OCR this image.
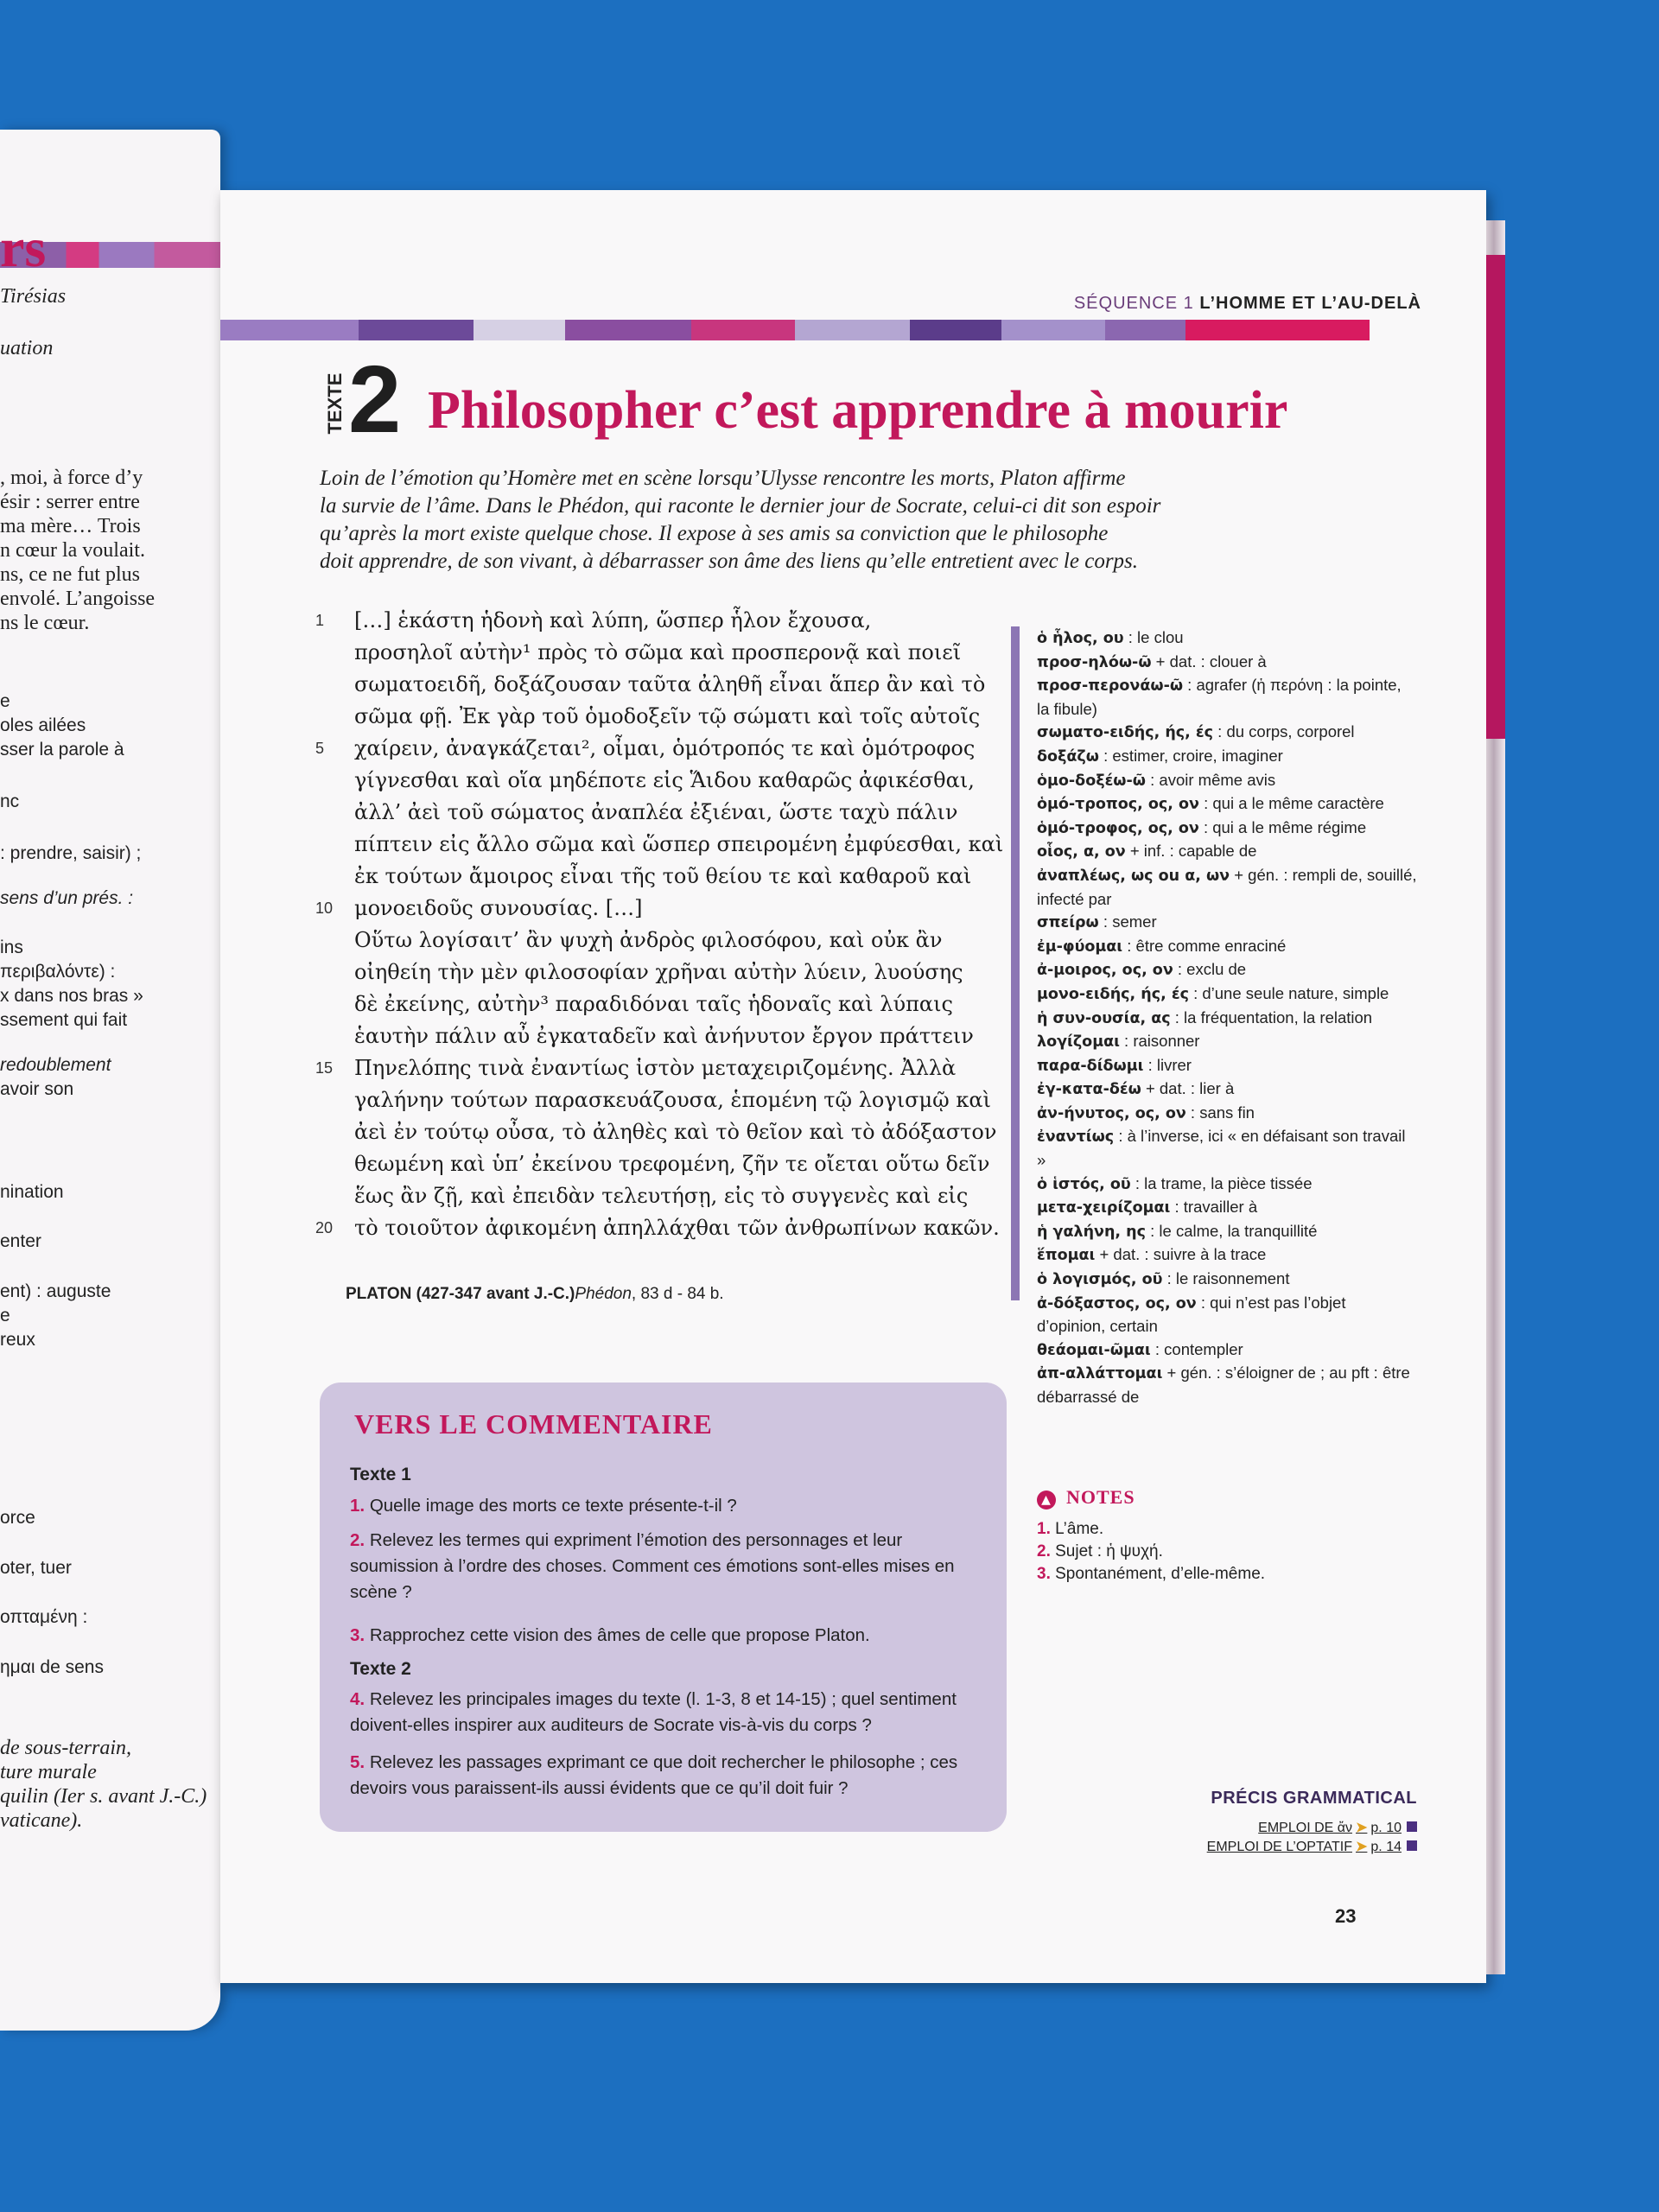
rs
Tirésias
uation
, moi, à force d’y
ésir : serrer entre
ma mère… Trois
n cœur la voulait.
ns, ce ne fut plus
envolé. L’angoisse
ns le cœur.
e
oles ailées
sser la parole à
nc
: prendre, saisir) ;
sens d’un prés. :
ins
περιβαλόντε) :
x dans nos bras »
ssement qui fait
redoublement
avoir son
nination
enter
ent) : auguste
e
reux
orce
oter, tuer
οπταμένη :
ημαι de sens
de sous-terrain,
ture murale
quilin (Ier s. avant J.-C.)
vaticane).
SÉQUENCE 1 L’HOMME ET L’AU-DELÀ
TEXTE 2 Philosopher c’est apprendre à mourir
Loin de l’émotion qu’Homère met en scène lorsqu’Ulysse rencontre les morts, Platon affirme
la survie de l’âme. Dans le Phédon, qui raconte le dernier jour de Socrate, celui-ci dit son espoir
qu’après la mort existe quelque chose. Il expose à ses amis sa conviction que le philosophe
doit apprendre, de son vivant, à débarrasser son âme des liens qu’elle entretient avec le corps.
1	[…] ἑκάστη ἡδονὴ καὶ λύπη, ὥσπερ ἧλον ἔχουσα,
προσηλοῖ αὐτὴν¹ πρὸς τὸ σῶμα καὶ προσπερονᾷ καὶ ποιεῖ
σωματοειδῆ, δοξάζουσαν ταῦτα ἀληθῆ εἶναι ἅπερ ἂν καὶ τὸ
σῶμα φῇ. Ἐκ γὰρ τοῦ ὁμοδοξεῖν τῷ σώματι καὶ τοῖς αὐτοῖς
5	χαίρειν, ἀναγκάζεται², οἶμαι, ὁμότροπός τε καὶ ὁμότροφος
γίγνεσθαι καὶ οἵα μηδέποτε εἰς Ἅιδου καθαρῶς ἀφικέσθαι,
ἀλλ’ ἀεὶ τοῦ σώματος ἀναπλέα ἐξιέναι, ὥστε ταχὺ πάλιν
πίπτειν εἰς ἄλλο σῶμα καὶ ὥσπερ σπειρομένη ἐμφύεσθαι, καὶ
ἐκ τούτων ἄμοιρος εἶναι τῆς τοῦ θείου τε καὶ καθαροῦ καὶ
10 μονοειδοῦς συνουσίας. […]
Οὕτω λογίσαιτ’ ἂν ψυχὴ ἀνδρὸς φιλοσόφου, καὶ οὐκ ἂν
οἰηθείη τὴν μὲν φιλοσοφίαν χρῆναι αὐτὴν λύειν, λυούσης
δὲ ἐκείνης, αὐτὴν³ παραδιδόναι ταῖς ἡδοναῖς καὶ λύπαις
ἑαυτὴν πάλιν αὖ ἐγκαταδεῖν καὶ ἀνήνυτον ἔργον πράττειν
15 Πηνελόπης τινὰ ἐναντίως ἱστὸν μεταχειριζομένης. Ἀλλὰ
γαλήνην τούτων παρασκευάζουσα, ἑπομένη τῷ λογισμῷ καὶ
ἀεὶ ἐν τούτῳ οὖσα, τὸ ἀληθὲς καὶ τὸ θεῖον καὶ τὸ ἀδόξαστον
θεωμένη καὶ ὑπ’ ἐκείνου τρεφομένη, ζῆν τε οἴεται οὕτω δεῖν
ἕως ἂν ζῇ, καὶ ἐπειδὰν τελευτήσῃ, εἰς τὸ συγγενὲς καὶ εἰς
20 τὸ τοιοῦτον ἀφικομένη ἀπηλλάχθαι τῶν ἀνθρωπίνων κακῶν.
PLATON (427-347 avant J.-C.)Phédon, 83 d - 84 b.
ὁ ἧλος, ου : le clou
προσ-ηλόω-ῶ + dat. : clouer à
προσ-περονάω-ῶ : agrafer (ἡ περόνη : la pointe, la fibule)
σωματο-ειδής, ής, ές : du corps, corporel
δοξάζω : estimer, croire, imaginer
ὁμο-δοξέω-ῶ : avoir même avis
ὁμό-τροπος, ος, ον : qui a le même caractère
ὁμό-τροφος, ος, ον : qui a le même régime
οἷος, α, ον + inf. : capable de
ἀναπλέως, ως ou α, ων + gén. : rempli de, souillé, infecté par
σπείρω : semer
ἐμ-φύομαι : être comme enraciné
ἀ-μοιρος, ος, ον : exclu de
μονο-ειδής, ής, ές : d’une seule nature, simple
ἡ συν-ουσία, ας : la fréquentation, la relation
λογίζομαι : raisonner
παρα-δίδωμι : livrer
ἐγ-κατα-δέω + dat. : lier à
ἀν-ήνυτος, ος, ον : sans fin
ἐναντίως : à l’inverse, ici « en défaisant son travail »
ὁ ἱστός, οῦ : la trame, la pièce tissée
μετα-χειρίζομαι : travailler à
ἡ γαλήνη, ης : le calme, la tranquillité
ἕπομαι + dat. : suivre à la trace
ὁ λογισμός, οῦ : le raisonnement
ἀ-δόξαστος, ος, ον : qui n’est pas l’objet d’opinion, certain
θεάομαι-ῶμαι : contempler
ἀπ-αλλάττομαι + gén. : s’éloigner de ; au pft : être débarrassé de
▲ NOTES
1. L’âme.
2. Sujet : ἡ ψυχή.
3. Spontanément, d’elle-même.
VERS LE COMMENTAIRE
Texte 1
1. Quelle image des morts ce texte présente-t-il ?
2. Relevez les termes qui expriment l’émotion des personnages et leur soumission à l’ordre des choses. Comment ces émotions sont-elles mises en scène ?
3. Rapprochez cette vision des âmes de celle que propose Platon.
Texte 2
4. Relevez les principales images du texte (l. 1-3, 8 et 14-15) ; quel sentiment doivent-elles inspirer aux auditeurs de Socrate vis-à-vis du corps ?
5. Relevez les passages exprimant ce que doit rechercher le philosophe ; ces devoirs vous paraissent-ils aussi évidents que ce qu’il doit fuir ?	PRÉCIS GRAMMATICAL
EMPLOI DE ἄν ➤ p. 10
EMPLOI DE L’OPTATIF ➤ p. 14
23
